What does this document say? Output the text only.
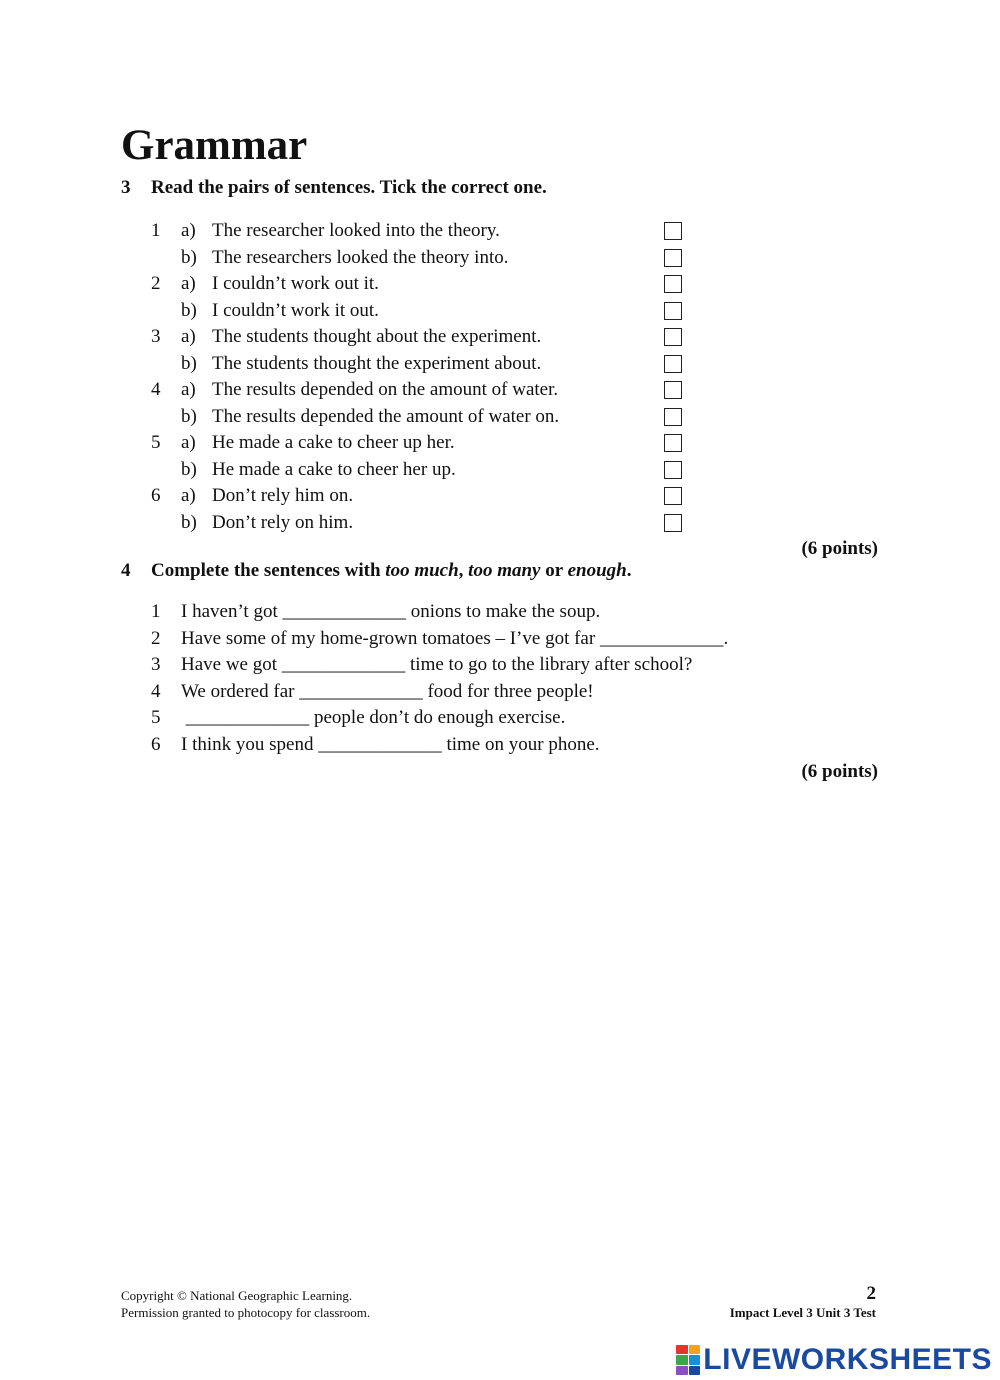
Grammar
3 Read the pairs of sentences. Tick the correct one.
1 a) The researcher looked into the theory.
b) The researchers looked the theory into.
2 a) I couldn’t work out it.
b) I couldn’t work it out.
3 a) The students thought about the experiment.
b) The students thought the experiment about.
4 a) The results depended on the amount of water.
b) The results depended the amount of water on.
5 a) He made a cake to cheer up her.
b) He made a cake to cheer her up.
6 a) Don’t rely him on.
b) Don’t rely on him.
(6 points)
4 Complete the sentences with too much, too many or enough.
1 I haven’t got _____________ onions to make the soup.
2 Have some of my home-grown tomatoes – I’ve got far _____________.
3 Have we got _____________ time to go to the library after school?
4 We ordered far _____________ food for three people!
5 _____________ people don’t do enough exercise.
6 I think you spend _____________ time on your phone.
(6 points)
Copyright © National Geographic Learning.
Permission granted to photocopy for classroom.
2
Impact Level 3 Unit 3 Test
LIVEWORKSHEETS
